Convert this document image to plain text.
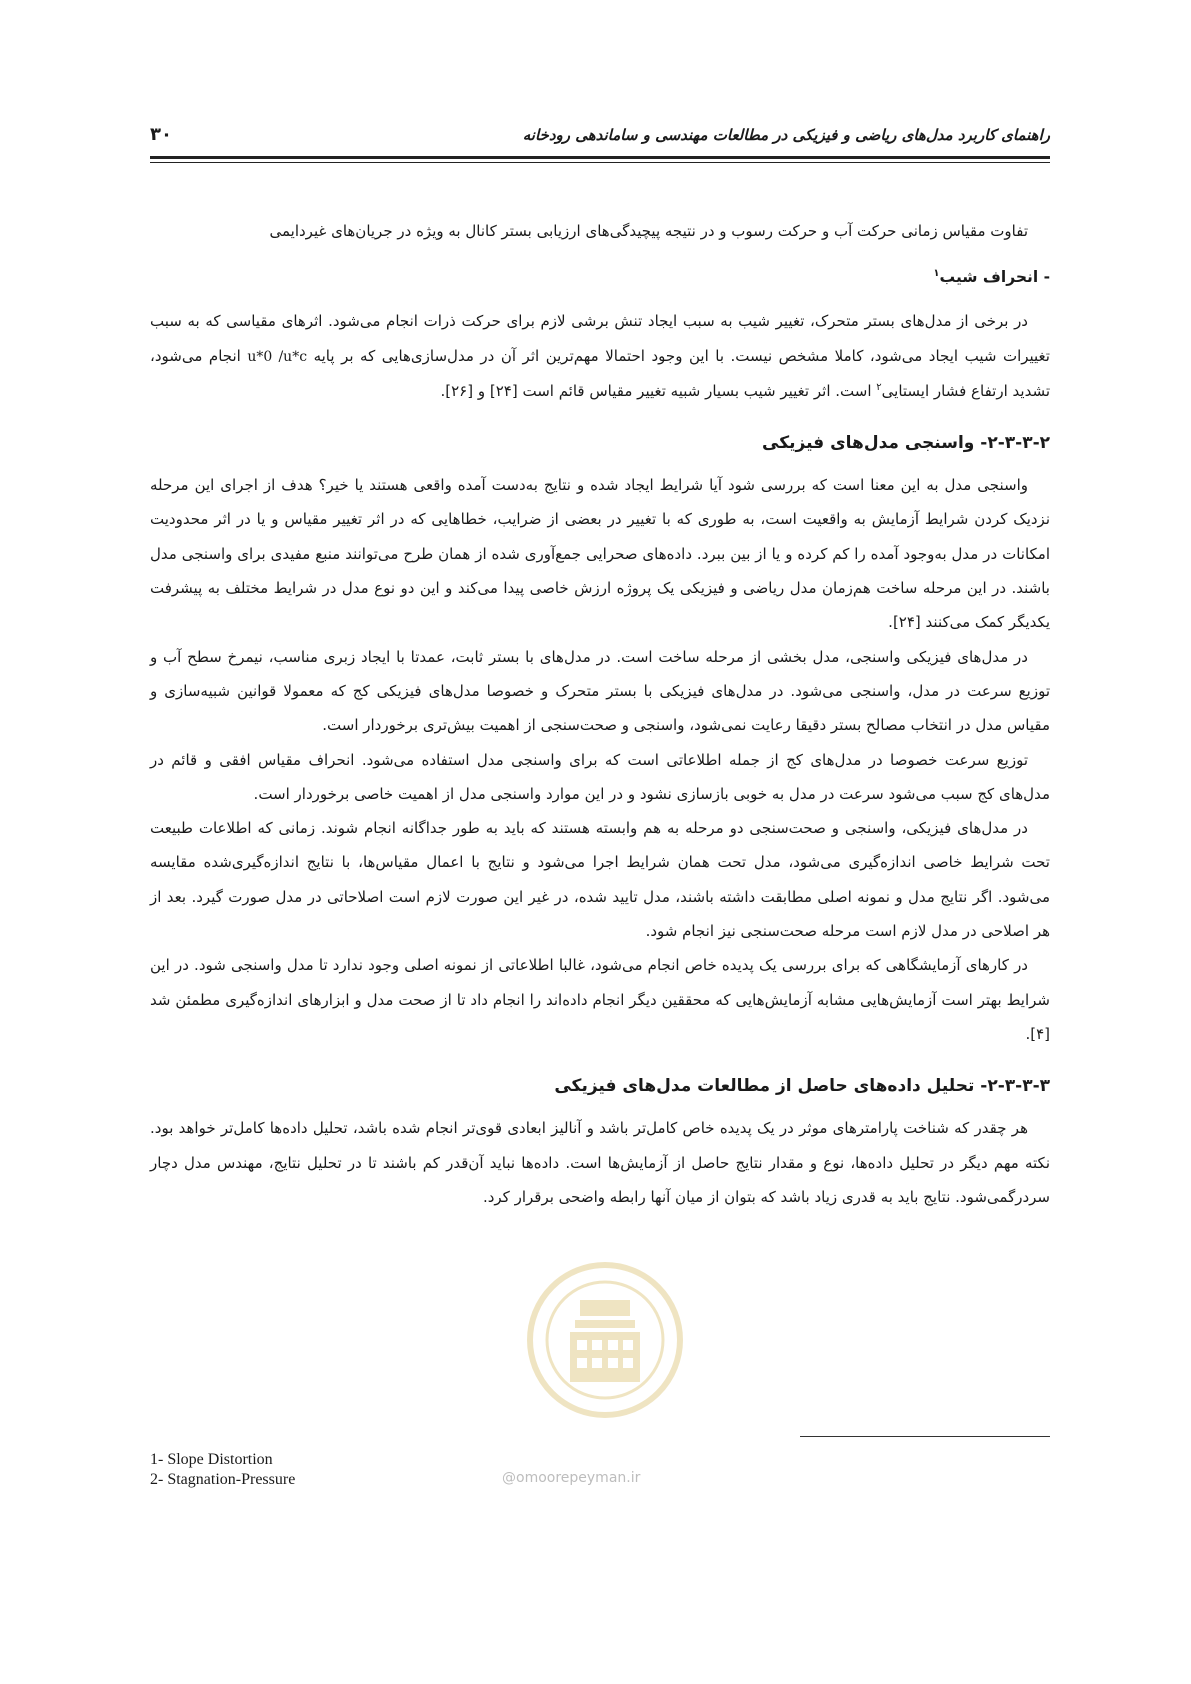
راهنمای کاربرد مدل‌های ریاضی و فیزیکی در مطالعات مهندسی و ساماندهی رودخانه
۳۰

تفاوت مقیاس زمانی حرکت آب و حرکت رسوب و در نتیجه پیچیدگی‌های ارزیابی بستر کانال به ویژه در جریان‌های غیردایمی

- انحراف شیب$^۱$

در برخی از مدل‌های بستر متحرک، تغییر شیب به سبب ایجاد تنش برشی لازم برای حرکت ذرات انجام می‌شود. اثرهای مقیاسی که به سبب تغییرات شیب ایجاد می‌شود، کاملا مشخص نیست. با این وجود احتمالا مهم‌ترین اثر آن در مدل‌سازی‌هایی که بر پایه u*0 /u*c انجام می‌شود، تشدید ارتفاع فشار ایستایی$^۲$ است. اثر تغییر شیب بسیار شبیه تغییر مقیاس قائم است [۲۴] و [۲۶].

۲-۳-۳-۲- واسنجی مدل‌های فیزیکی

واسنجی مدل به این معنا است که بررسی شود آیا شرایط ایجاد شده و نتایج به‌دست آمده واقعی هستند یا خیر؟ هدف از اجرای این مرحله نزدیک کردن شرایط آزمایش به واقعیت است، به طوری که با تغییر در بعضی از ضرایب، خطاهایی که در اثر تغییر مقیاس و یا در اثر محدودیت امکانات در مدل به‌وجود آمده را کم کرده و یا از بین ببرد. داده‌های صحرایی جمع‌آوری شده از همان طرح می‌توانند منبع مفیدی برای واسنجی مدل باشند. در این مرحله ساخت هم‌زمان مدل ریاضی و فیزیکی یک پروژه ارزش خاصی پیدا می‌کند و این دو نوع مدل در شرایط مختلف به پیشرفت یکدیگر کمک می‌کنند [۲۴].

در مدل‌های فیزیکی واسنجی، مدل بخشی از مرحله ساخت است. در مدل‌های با بستر ثابت، عمدتا با ایجاد زبری مناسب، نیمرخ سطح آب و توزیع سرعت در مدل، واسنجی می‌شود. در مدل‌های فیزیکی با بستر متحرک و خصوصا مدل‌های فیزیکی کج که معمولا قوانین شبیه‌سازی و مقیاس مدل در انتخاب مصالح بستر دقیقا رعایت نمی‌شود، واسنجی و صحت‌سنجی از اهمیت بیش‌تری برخوردار است.

توزیع سرعت خصوصا در مدل‌های کج از جمله اطلاعاتی است که برای واسنجی مدل استفاده می‌شود. انحراف مقیاس افقی و قائم در مدل‌های کج سبب می‌شود سرعت در مدل به خوبی بازسازی نشود و در این موارد واسنجی مدل از اهمیت خاصی برخوردار است.

در مدل‌های فیزیکی، واسنجی و صحت‌سنجی دو مرحله به هم وابسته هستند که باید به طور جداگانه انجام شوند. زمانی که اطلاعات طبیعت تحت شرایط خاصی اندازه‌گیری می‌شود، مدل تحت همان شرایط اجرا می‌شود و نتایج با اعمال مقیاس‌ها، با نتایج اندازه‌گیری‌شده مقایسه می‌شود. اگر نتایج مدل و نمونه اصلی مطابقت داشته باشند، مدل تایید شده، در غیر این صورت لازم است اصلاحاتی در مدل صورت گیرد. بعد از هر اصلاحی در مدل لازم است مرحله صحت‌سنجی نیز انجام شود.

در کارهای آزمایشگاهی که برای بررسی یک پدیده خاص انجام می‌شود، غالبا اطلاعاتی از نمونه اصلی وجود ندارد تا مدل واسنجی شود. در این شرایط بهتر است آزمایش‌هایی مشابه آزمایش‌هایی که محققین دیگر انجام داده‌اند را انجام داد تا از صحت مدل و ابزارهای اندازه‌گیری مطمئن شد [۴].

۲-۳-۳-۳- تحلیل داده‌های حاصل از مطالعات مدل‌های فیزیکی

هر چقدر که شناخت پارامترهای موثر در یک پدیده خاص کامل‌تر باشد و آنالیز ابعادی قوی‌تر انجام شده باشد، تحلیل داده‌ها کامل‌تر خواهد بود. نکته مهم دیگر در تحلیل داده‌ها، نوع و مقدار نتایج حاصل از آزمایش‌ها است. داده‌ها نباید آن‌قدر کم باشند تا در تحلیل نتایج، مهندس مدل دچار سردرگمی‌شود. نتایج باید به قدری زیاد باشد که بتوان از میان آنها رابطه واضحی برقرار کرد.

1- Slope Distortion
2- Stagnation-Pressure	@omoorepeyman.ir
